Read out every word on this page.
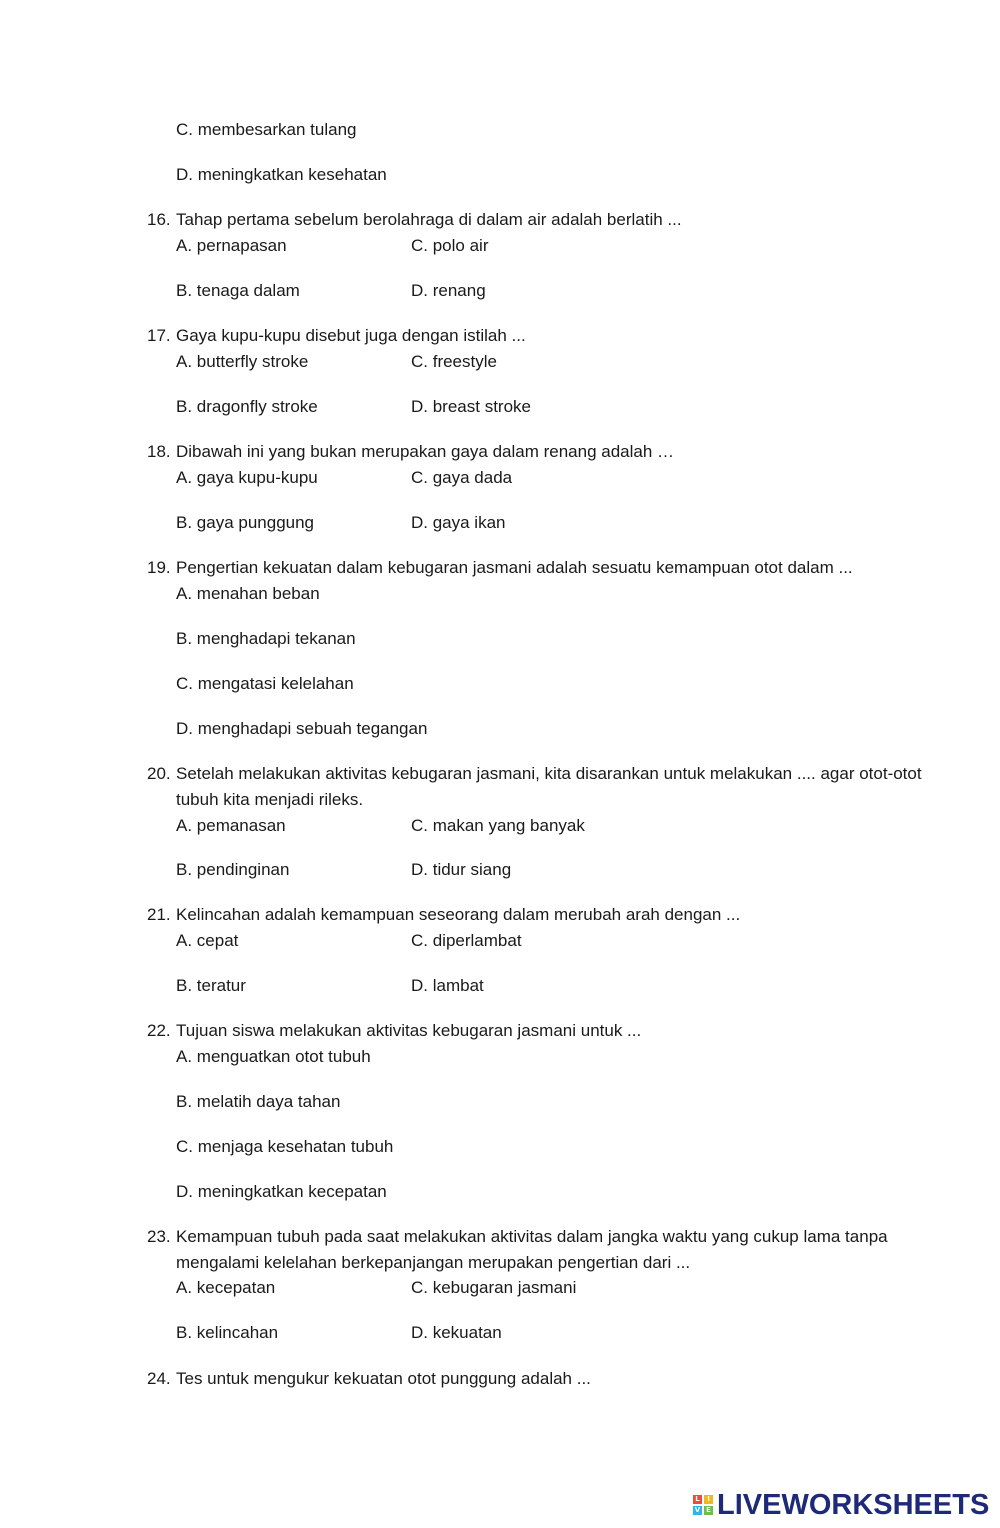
C. membesarkan tulang
D. meningkatkan kesehatan
16. Tahap pertama sebelum berolahraga di dalam air adalah berlatih ...
A. pernapasan	C. polo air
B. tenaga dalam	D. renang
17. Gaya kupu-kupu disebut juga dengan istilah ...
A. butterfly stroke	C. freestyle
B. dragonfly stroke	D. breast stroke
18. Dibawah ini yang bukan merupakan gaya dalam renang adalah …
A. gaya kupu-kupu	C. gaya dada
B. gaya punggung	D. gaya ikan
19. Pengertian kekuatan dalam kebugaran jasmani adalah sesuatu kemampuan otot dalam ...
A. menahan beban
B. menghadapi tekanan
C. mengatasi kelelahan
D. menghadapi sebuah tegangan
20. Setelah melakukan aktivitas kebugaran jasmani, kita disarankan untuk melakukan .... agar otot-otot
tubuh kita menjadi rileks.
A. pemanasan	C. makan yang banyak
B. pendinginan	D. tidur siang
21. Kelincahan adalah kemampuan seseorang dalam merubah arah dengan ...
A. cepat	C. diperlambat
B. teratur	D. lambat
22. Tujuan siswa melakukan aktivitas kebugaran jasmani untuk ...
A. menguatkan otot tubuh
B. melatih daya tahan
C. menjaga kesehatan tubuh
D. meningkatkan kecepatan
23. Kemampuan tubuh pada saat melakukan aktivitas dalam jangka waktu yang cukup lama tanpa
mengalami kelelahan berkepanjangan merupakan pengertian dari ...
A. kecepatan	C. kebugaran jasmani
B. kelincahan	D. kekuatan
24. Tes untuk mengukur kekuatan otot punggung adalah ...
L	I
V E LIVEWORKSHEETS
